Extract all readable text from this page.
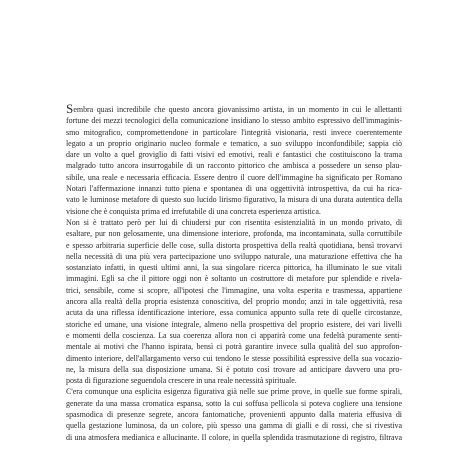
Sembra quasi incredibile che questo ancora giovanissimo artista, in un momento in cui le allettanti
fortune dei mezzi tecnologici della comunicazione insidiano lo stesso ambito espressivo dell'immaginis-
smo mitografico, compromettendone in particolare l'integrità visionaria, resti invece coerentemente
legato a un proprio originario nucleo formale e tematico, a suo sviluppo inconfondibile; sappia ciò
dare un volto a quel groviglio di fatti visivi ed emotivi, reali e fantastici che costituiscono la trama
malgrado tutto ancora insurrogabile di un racconto pittorico che ambisca a possedere un senso plau-
sibile, una reale e necessaria efficacia. Essere dentro il cuore dell'immagine ha significato per Romano
Notari l'affermazione innanzi tutto piena e spontanea di una oggettività introspettiva, da cui ha rica-
vato le luminose metafore di questo suo lucido lirismo figurativo, la misura di una durata autentica della
visione che è conquista prima ed irrefutabile di una concreta esperienza artistica.
Non si è trattato però per lui di chiudersi pur con risentita esistenzialità in un mondo privato, di
esaltare, pur non gelosamente, una dimensione interiore, profonda, ma incontaminata, sulla corruttibile
e spesso arbitraria superficie delle cose, sulla distorta prospettiva della realtà quotidiana, bensì trovarvi
nella necessità di una più vera partecipazione uno sviluppo naturale, una maturazione effettiva che ha
sostanziato infatti, in questi ultimi anni, la sua singolare ricerca pittorica, ha illuminato le sue vitali
immagini. Egli sa che il pittore oggi non è soltanto un costruttore di metafore pur splendide e rivela-
trici, sensibile, come si scopre, all'ipotesi che l'immagine, una volta esperita e trasmessa, appartiene
ancora alla realtà della propria esistenza conoscitiva, del proprio mondo; anzi in tale oggettività, resa
acuta da una riflessa identificazione interiore, essa comunica appunto sulla rete di quelle circostanze,
storiche ed umane, una visione integrale, almeno nella prospettiva del proprio esistere, dei vari livelli
e momenti della coscienza. La sua coerenza allora non ci apparirà come una fedeltà puramente senti-
mentale ai motivi che l'hanno ispirata, bensì ci potrà garantire invece sulla qualità del suo approfon-
dimento interiore, dell'allargamento verso cui tendono le stesse possibilità espressive della sua vocazio-
ne, la misura della sua disposizione umana. Si è potuto così trovare ad anticipare davvero una pro-
posta di figurazione seguendola crescere in una reale necessità spirituale.
C'era comunque una esplicita esigenza figurativa già nelle sue prime prove, in quelle sue forme spirali,
generate da una massa cromatica espansa, sotto la cui soffusa pellicola si poteva cogliere una tensione
spasmodica di presenze segrete, ancora fantomatiche, provenienti appunto dalla materia effusiva di
quella gestazione luminosa, da un colore, più spesso una gamma di gialli e di rossi, che si rivestiva
di una atmosfera medianica e allucinante. Il colore, in quella splendida trasmutazione di registro, filtrava
